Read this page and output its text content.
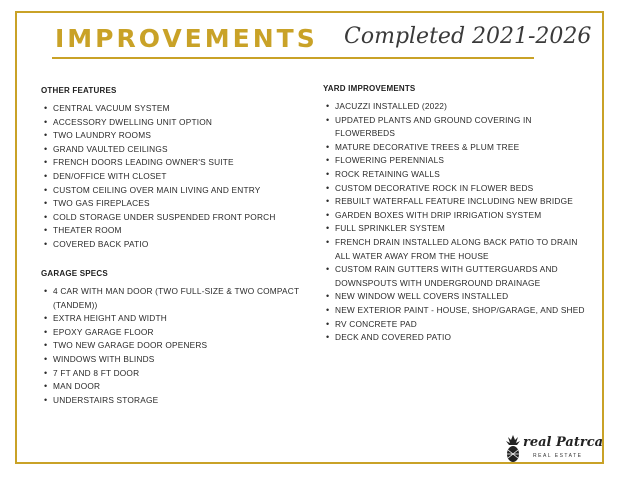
IMPROVEMENTS Completed 2021-2026
OTHER FEATURES
• CENTRAL VACUUM SYSTEM
• ACCESSORY DWELLING UNIT OPTION
• TWO LAUNDRY ROOMS
• GRAND VAULTED CEILINGS
• FRENCH DOORS LEADING OWNER'S SUITE
• DEN/OFFICE WITH CLOSET
• CUSTOM CEILING OVER MAIN LIVING AND ENTRY
• TWO GAS FIREPLACES
• COLD STORAGE UNDER SUSPENDED FRONT PORCH
• THEATER ROOM
• COVERED BACK PATIO
GARAGE SPECS
• 4 CAR WITH MAN DOOR (TWO FULL-SIZE & TWO COMPACT (TANDEM))
• EXTRA HEIGHT AND WIDTH
• EPOXY GARAGE FLOOR
• TWO NEW GARAGE DOOR OPENERS
• WINDOWS WITH BLINDS
• 7 FT AND 8 FT DOOR
• MAN DOOR
• UNDERSTAIRS STORAGE
YARD IMPROVEMENTS
• JACUZZI INSTALLED (2022)
• UPDATED PLANTS AND GROUND COVERING IN FLOWERBEDS
• MATURE DECORATIVE TREES & PLUM TREE
• FLOWERING PERENNIALS
• ROCK RETAINING WALLS
• CUSTOM DECORATIVE ROCK IN FLOWER BEDS
• REBUILT WATERFALL FEATURE INCLUDING NEW BRIDGE
• GARDEN BOXES WITH DRIP IRRIGATION SYSTEM
• FULL SPRINKLER SYSTEM
• FRENCH DRAIN INSTALLED ALONG BACK PATIO TO DRAIN ALL WATER AWAY FROM THE HOUSE
• CUSTOM RAIN GUTTERS WITH GUTTERGUARDS AND DOWNSPOUTS WITH UNDERGROUND DRAINAGE
• NEW WINDOW WELL COVERS INSTALLED
• NEW EXTERIOR PAINT - HOUSE, SHOP/GARAGE, AND SHED
• RV CONCRETE PAD
• DECK AND COVERED PATIO
real Patrca
REAL ESTATE
